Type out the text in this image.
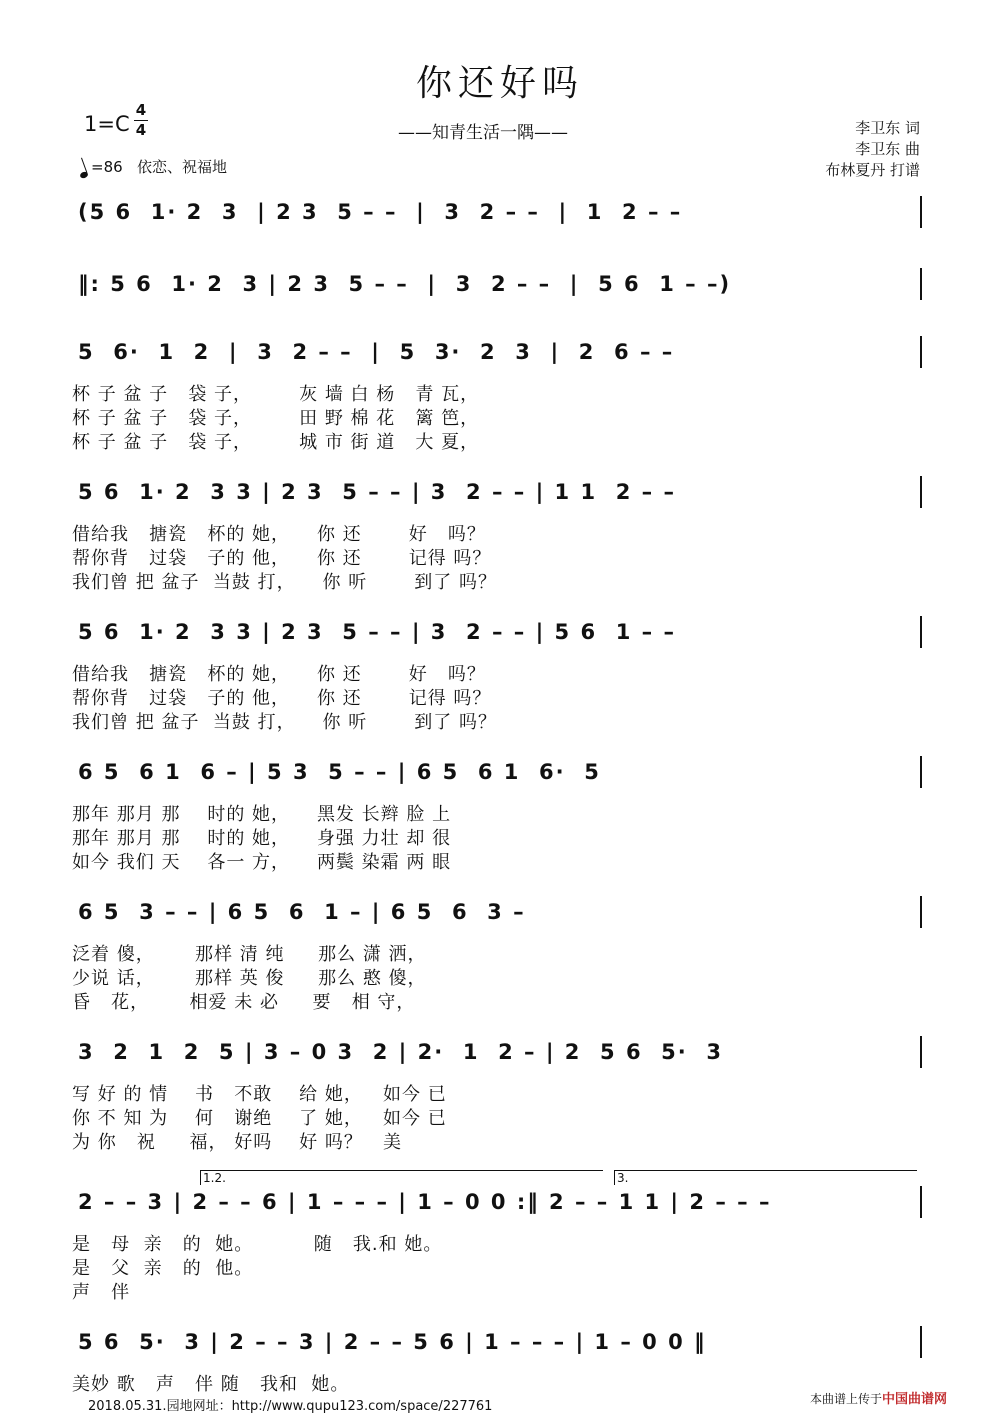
你还好吗
——知青生活一隅——
1=C
4
4
=86 依恋、祝福地
李卫东 词
李卫东 曲
布林夏丹 打谱
(5 6  1· 2  3  | 2 3  5 – –  |  3  2 – –  |  1  2 – –
‖: 5 6  1· 2  3 | 2 3  5 – –  |  3  2 – –  |  5 6  1 – –)
5  6·  1  2  |  3  2 – –  |  5  3·  2  3  |  2  6 – –
杯 子 盆 子   袋 子，       灰 墙 白 杨   青 瓦，
杯 子 盆 子   袋 子，       田 野 棉 花   篱 笆，
杯 子 盆 子   袋 子，       城 市 街 道   大 夏，
5 6  1· 2  3 3 | 2 3  5 – – | 3  2 – – | 1 1  2 – –
借给我   搪瓷   杯的 她，    你 还       好   吗？
帮你背   过袋   子的 他，    你 还       记得 吗？
我们曾 把 盆子  当鼓 打，    你 听       到了 吗？
5 6  1· 2  3 3 | 2 3  5 – – | 3  2 – – | 5 6  1 – –
借给我   搪瓷   杯的 她，    你 还       好   吗？
帮你背   过袋   子的 他，    你 还       记得 吗？
我们曾 把 盆子  当鼓 打，    你 听       到了 吗？
6 5  6 1  6 – | 5 3  5 – – | 6 5  6 1  6·  5
那年 那月 那    时的 她，    黑发 长辫 脸 上
那年 那月 那    时的 她，    身强 力壮 却 很
如今 我们 天    各一 方，    两鬓 染霜 两 眼
6 5  3 – – | 6 5  6  1 – | 6 5  6  3 –
泛着 傻，      那样 清 纯     那么 潇 洒，
少说 话，      那样 英 俊     那么 憨 傻，
昏   花，      相爱 未 必     要   相 守，
3  2  1  2  5 | 3 – 0 3  2 | 2·  1  2 – | 2  5 6  5·  3
写 好 的 情    书   不敢    给 她，   如今 已
你 不 知 为    何   谢绝    了 她，   如今 已
为 你   祝     福， 好吗    好 吗？   美
2 – – 3 | 2 – – 6 | 1 – – – | 1 – 0 0 :‖ 2 – – 1 1 | 2 – – –
1.2.	3.
是   母  亲   的  她。         随   我.和 她。
是   父  亲   的  他。
声   伴
5 6  5·  3 | 2 – – 3 | 2 – – 5 6 | 1 – – – | 1 – 0 0 ‖
美妙 歌   声   伴 随   我和  她。
2018.05.31.园地网址：http://www.qupu123.com/space/227761	本曲谱上传于 中国曲谱网
